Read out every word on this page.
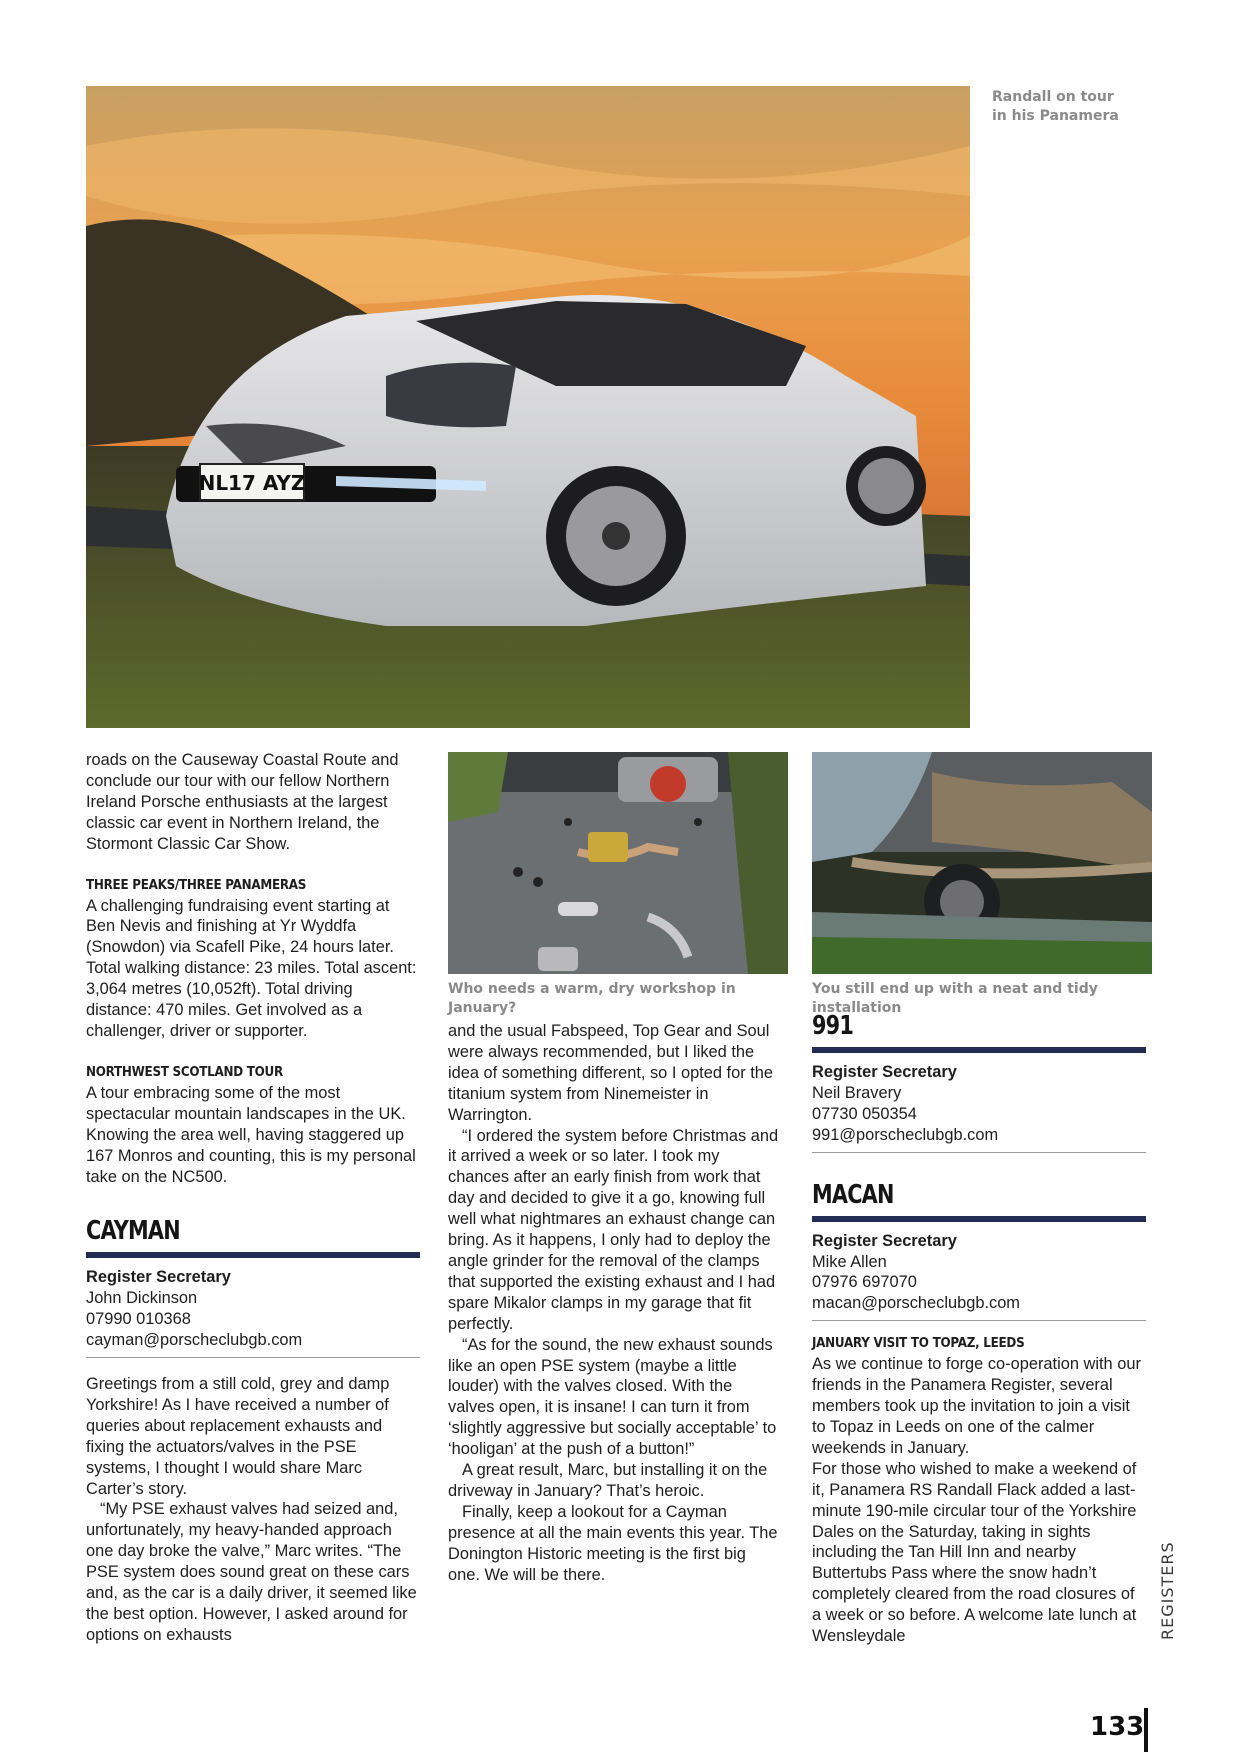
NL17 AYZ
Randall on tour in his Panamera
Who needs a warm, dry workshop in January?
You still end up with a neat and tidy installation

roads on the Causeway Coastal Route and conclude our tour with our fellow Northern Ireland Porsche enthusiasts at the largest classic car event in Northern Ireland, the Stormont Classic Car Show.

THREE PEAKS/THREE PANAMERAS

A challenging fundraising event starting at Ben Nevis and finishing at Yr Wyddfa (Snowdon) via Scafell Pike, 24 hours later. Total walking distance: 23 miles. Total ascent: 3,064 metres (10,052ft). Total driving distance: 470 miles. Get involved as a challenger, driver or supporter.

NORTHWEST SCOTLAND TOUR

A tour embracing some of the most spectacular mountain landscapes in the UK. Knowing the area well, having staggered up 167 Monros and counting, this is my personal take on the NC500.

CAYMAN
Register Secretary
John Dickinson
07990 010368
cayman@porscheclubgb.com

Greetings from a still cold, grey and damp Yorkshire! As I have received a number of queries about replacement exhausts and fixing the actuators/valves in the PSE systems, I thought I would share Marc Carter’s story.

“My PSE exhaust valves had seized and, unfortunately, my heavy-handed approach one day broke the valve,” Marc writes. “The PSE system does sound great on these cars and, as the car is a daily driver, it seemed like the best option. However, I asked around for options on exhausts

and the usual Fabspeed, Top Gear and Soul were always recommended, but I liked the idea of something different, so I opted for the titanium system from Ninemeister in Warrington.

“I ordered the system before Christmas and it arrived a week or so later. I took my chances after an early finish from work that day and decided to give it a go, knowing full well what nightmares an exhaust change can bring. As it happens, I only had to deploy the angle grinder for the removal of the clamps that supported the existing exhaust and I had spare Mikalor clamps in my garage that fit perfectly.

“As for the sound, the new exhaust sounds like an open PSE system (maybe a little louder) with the valves closed. With the valves open, it is insane! I can turn it from ‘slightly aggressive but socially acceptable’ to ‘hooligan’ at the push of a button!”

A great result, Marc, but installing it on the driveway in January? That’s heroic.

Finally, keep a lookout for a Cayman presence at all the main events this year. The Donington Historic meeting is the first big one. We will be there.

991
Register Secretary
Neil Bravery
07730 050354
991@porscheclubgb.com
MACAN
Register Secretary
Mike Allen
07976 697070
macan@porscheclubgb.com
JANUARY VISIT TO TOPAZ, LEEDS

As we continue to forge co-operation with our friends in the Panamera Register, several members took up the invitation to join a visit to Topaz in Leeds on one of the calmer weekends in January.

For those who wished to make a weekend of it, Panamera RS Randall Flack added a last-minute 190-mile circular tour of the Yorkshire Dales on the Saturday, taking in sights including the Tan Hill Inn and nearby Buttertubs Pass where the snow hadn’t completely cleared from the road closures of a week or so before. A welcome late lunch at Wensleydale	REGISTERS
133
